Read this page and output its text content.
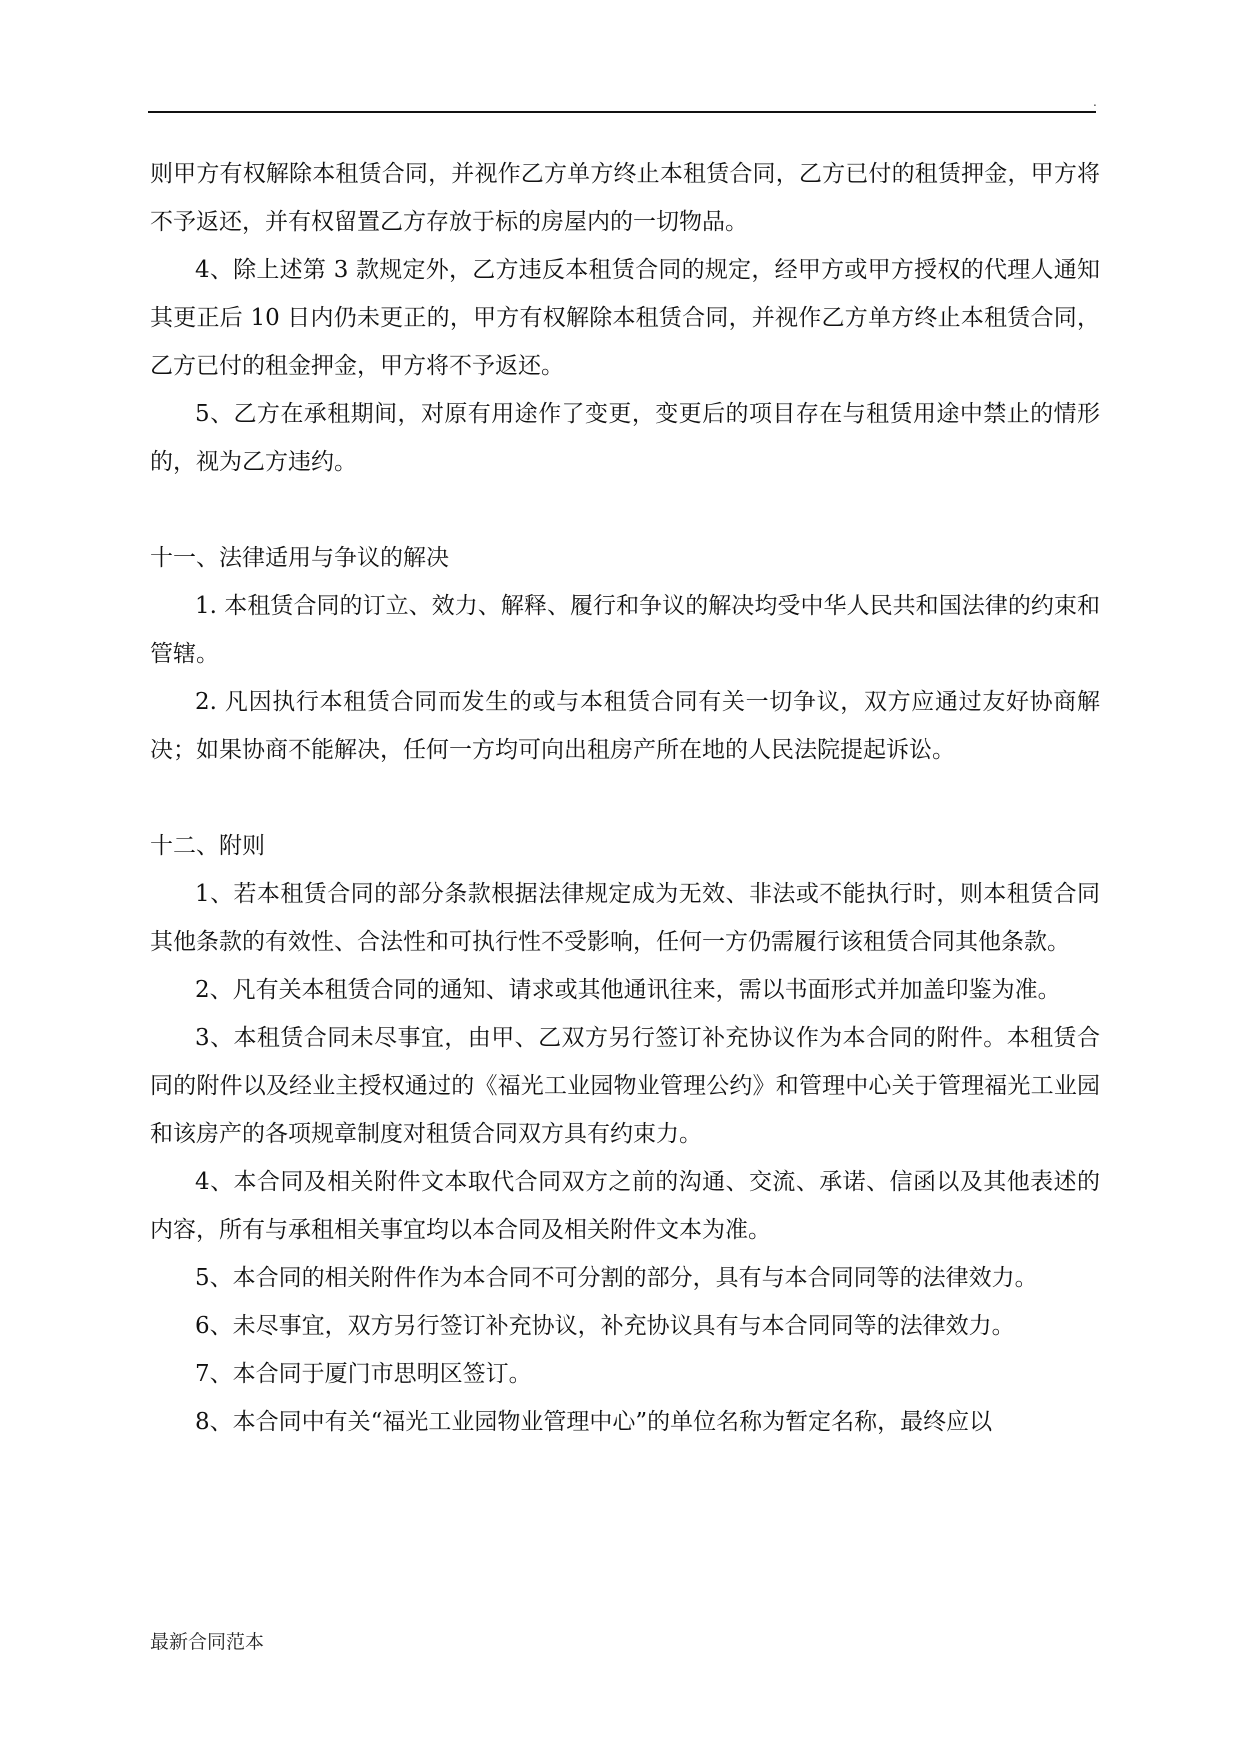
.

则甲方有权解除本租赁合同，并视作乙方单方终止本租赁合同，乙方已付的租赁押金，甲方将不予返还，并有权留置乙方存放于标的房屋内的一切物品。

4、除上述第 3 款规定外，乙方违反本租赁合同的规定，经甲方或甲方授权的代理人通知其更正后 10 日内仍未更正的，甲方有权解除本租赁合同，并视作乙方单方终止本租赁合同，乙方已付的租金押金，甲方将不予返还。

5、乙方在承租期间，对原有用途作了变更，变更后的项目存在与租赁用途中禁止的情形的，视为乙方违约。

十一、法律适用与争议的解决

1. 本租赁合同的订立、效力、解释、履行和争议的解决均受中华人民共和国法律的约束和管辖。

2. 凡因执行本租赁合同而发生的或与本租赁合同有关一切争议，双方应通过友好协商解决；如果协商不能解决，任何一方均可向出租房产所在地的人民法院提起诉讼。

十二、附则

1、若本租赁合同的部分条款根据法律规定成为无效、非法或不能执行时，则本租赁合同其他条款的有效性、合法性和可执行性不受影响，任何一方仍需履行该租赁合同其他条款。

2、凡有关本租赁合同的通知、请求或其他通讯往来，需以书面形式并加盖印鉴为准。

3、本租赁合同未尽事宜，由甲、乙双方另行签订补充协议作为本合同的附件。本租赁合同的附件以及经业主授权通过的《福光工业园物业管理公约》和管理中心关于管理福光工业园和该房产的各项规章制度对租赁合同双方具有约束力。

4、本合同及相关附件文本取代合同双方之前的沟通、交流、承诺、信函以及其他表述的内容，所有与承租相关事宜均以本合同及相关附件文本为准。

5、本合同的相关附件作为本合同不可分割的部分，具有与本合同同等的法律效力。

6、未尽事宜，双方另行签订补充协议，补充协议具有与本合同同等的法律效力。

7、本合同于厦门市思明区签订。

8、本合同中有关“福光工业园物业管理中心”的单位名称为暂定名称，最终应以

最新合同范本
